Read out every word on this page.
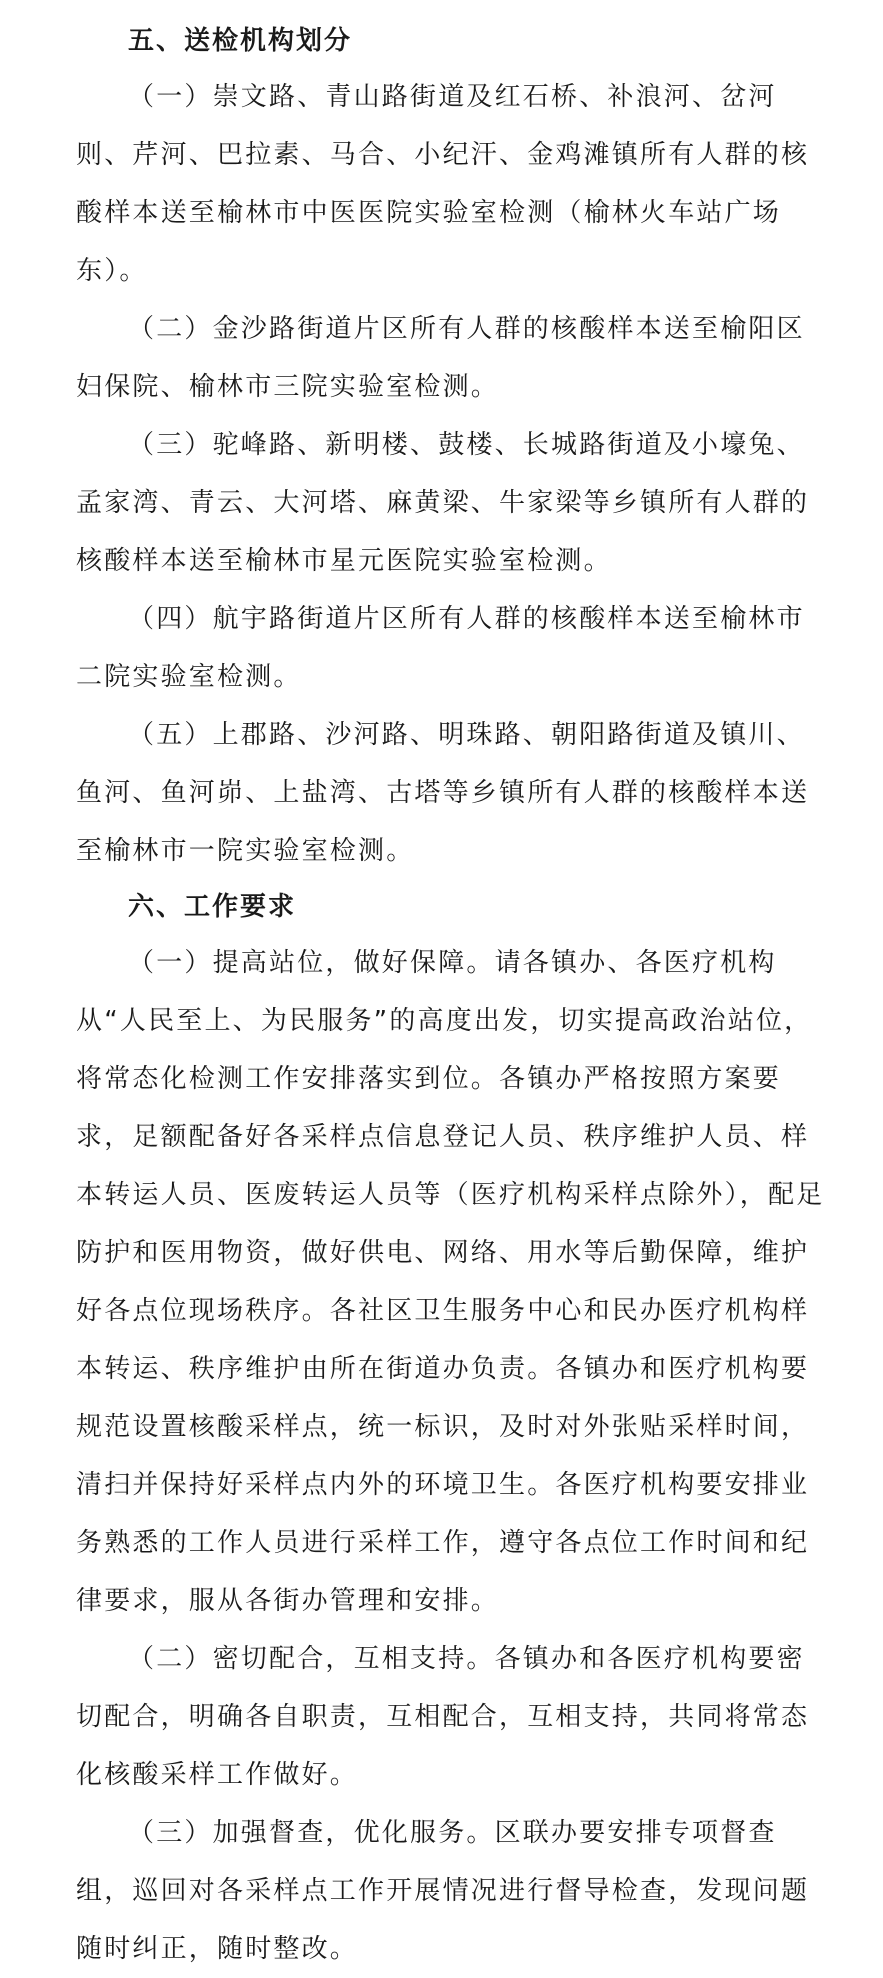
五、送检机构划分

（一）崇文路、青山路街道及红石桥、补浪河、岔河则、芹河、巴拉素、马合、小纪汗、金鸡滩镇所有人群的核酸样本送至榆林市中医医院实验室检测（榆林火车站广场东）。

（二）金沙路街道片区所有人群的核酸样本送至榆阳区妇保院、榆林市三院实验室检测。

（三）驼峰路、新明楼、鼓楼、长城路街道及小壕兔、孟家湾、青云、大河塔、麻黄梁、牛家梁等乡镇所有人群的核酸样本送至榆林市星元医院实验室检测。

（四）航宇路街道片区所有人群的核酸样本送至榆林市二院实验室检测。

（五）上郡路、沙河路、明珠路、朝阳路街道及镇川、鱼河、鱼河峁、上盐湾、古塔等乡镇所有人群的核酸样本送至榆林市一院实验室检测。

六、工作要求

（一）提高站位，做好保障。请各镇办、各医疗机构从“人民至上、为民服务”的高度出发，切实提高政治站位，将常态化检测工作安排落实到位。各镇办严格按照方案要求，足额配备好各采样点信息登记人员、秩序维护人员、样本转运人员、医废转运人员等（医疗机构采样点除外），配足防护和医用物资，做好供电、网络、用水等后勤保障，维护好各点位现场秩序。各社区卫生服务中心和民办医疗机构样本转运、秩序维护由所在街道办负责。各镇办和医疗机构要规范设置核酸采样点，统一标识，及时对外张贴采样时间，清扫并保持好采样点内外的环境卫生。各医疗机构要安排业务熟悉的工作人员进行采样工作，遵守各点位工作时间和纪律要求，服从各街办管理和安排。

（二）密切配合，互相支持。各镇办和各医疗机构要密切配合，明确各自职责，互相配合，互相支持，共同将常态化核酸采样工作做好。

（三）加强督查，优化服务。区联办要安排专项督查组，巡回对各采样点工作开展情况进行督导检查，发现问题随时纠正，随时整改。
